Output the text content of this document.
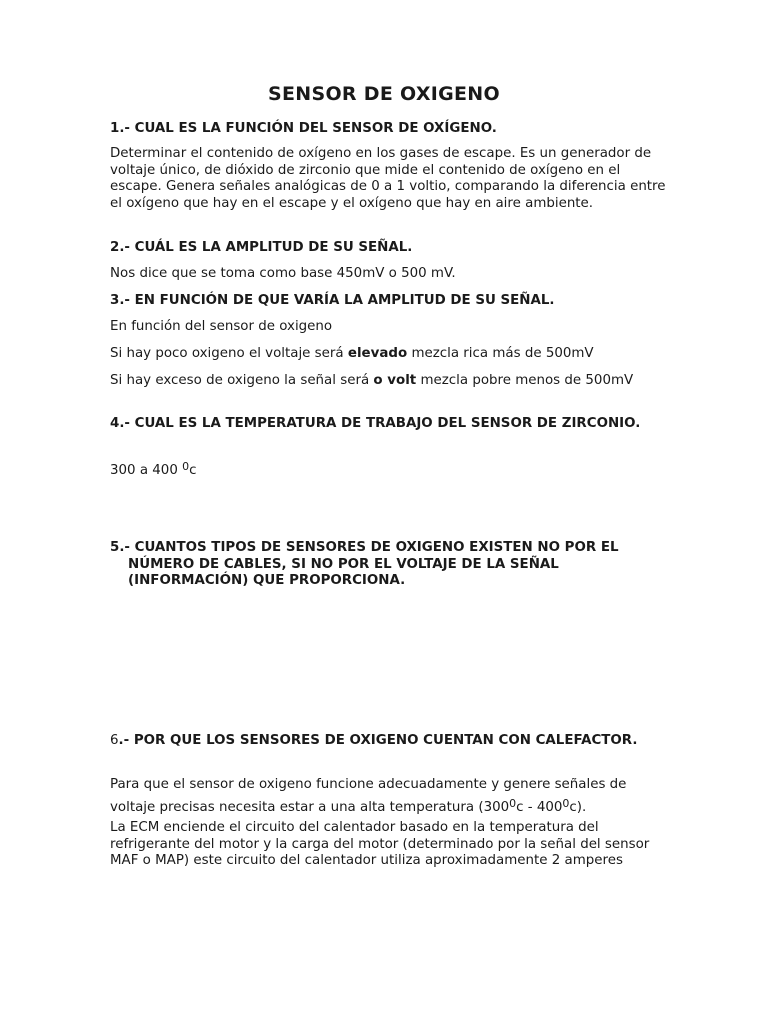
SENSOR DE OXIGENO

1.- CUAL ES LA FUNCIÓN DEL SENSOR DE OXÍGENO.

Determinar el contenido de oxígeno en los gases de escape. Es un generador de voltaje único, de dióxido de zirconio que mide el contenido de oxígeno en el escape. Genera señales analógicas de 0 a 1 voltio, comparando la diferencia entre el oxígeno que hay en el escape y el oxígeno que hay en aire ambiente.

2.- CUÁL ES LA AMPLITUD DE SU SEÑAL.

Nos dice que se toma como base 450mV o 500 mV.

3.- EN FUNCIÓN DE QUE VARÍA LA AMPLITUD DE SU SEÑAL.

En función del sensor de oxigeno

Si hay poco oxigeno el voltaje será elevado mezcla rica más de 500mV

Si hay exceso de oxigeno la señal será o volt mezcla pobre menos de 500mV

4.- CUAL ES LA TEMPERATURA DE TRABAJO DEL SENSOR DE ZIRCONIO.

300 a 400 $^0$c

5.- CUANTOS TIPOS DE SENSORES DE OXIGENO EXISTEN NO POR EL NÚMERO DE CABLES, SI NO POR EL VOLTAJE DE LA SEÑAL (INFORMACIÓN) QUE PROPORCIONA.

6.- POR QUE LOS SENSORES DE OXIGENO CUENTAN CON CALEFACTOR.

Para que el sensor de oxigeno funcione adecuadamente y genere señales de voltaje precisas necesita estar a una alta temperatura $(300^0c - 400^0c)$.

La ECM enciende el circuito del calentador basado en la temperatura del refrigerante del motor y la carga del motor (determinado por la señal del sensor MAF o MAP) este circuito del calentador utiliza aproximadamente 2 amperes
